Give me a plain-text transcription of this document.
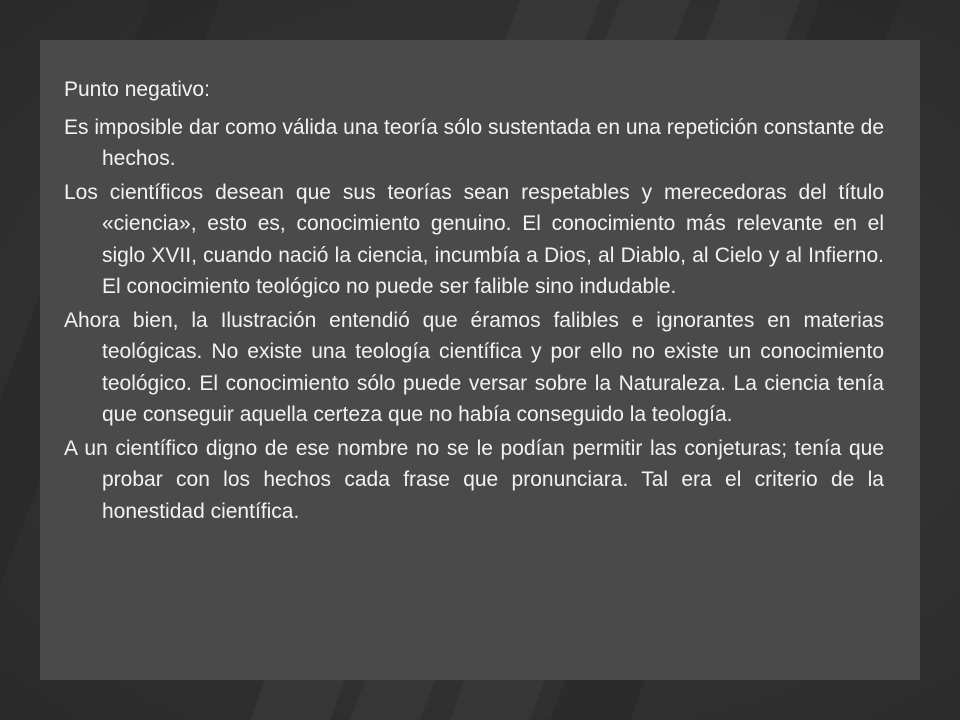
Punto negativo:

Es imposible dar como válida una teoría sólo sustentada en una repetición constante de hechos.

Los científicos desean que sus teorías sean respetables y merecedoras del título «ciencia», esto es, conocimiento genuino. El conocimiento más relevante en el siglo XVII, cuando nació la ciencia, incumbía a Dios, al Diablo, al Cielo y al Infierno. El conocimiento teológico no puede ser falible sino indudable.

Ahora bien, la Ilustración entendió que éramos falibles e ignorantes en materias teológicas. No existe una teología científica y por ello no existe un conocimiento teológico. El conocimiento sólo puede versar sobre la Naturaleza. La ciencia tenía que conseguir aquella certeza que no había conseguido la teología.

A un científico digno de ese nombre no se le podían permitir las conjeturas; tenía que probar con los hechos cada frase que pronunciara. Tal era el criterio de la honestidad científica.
